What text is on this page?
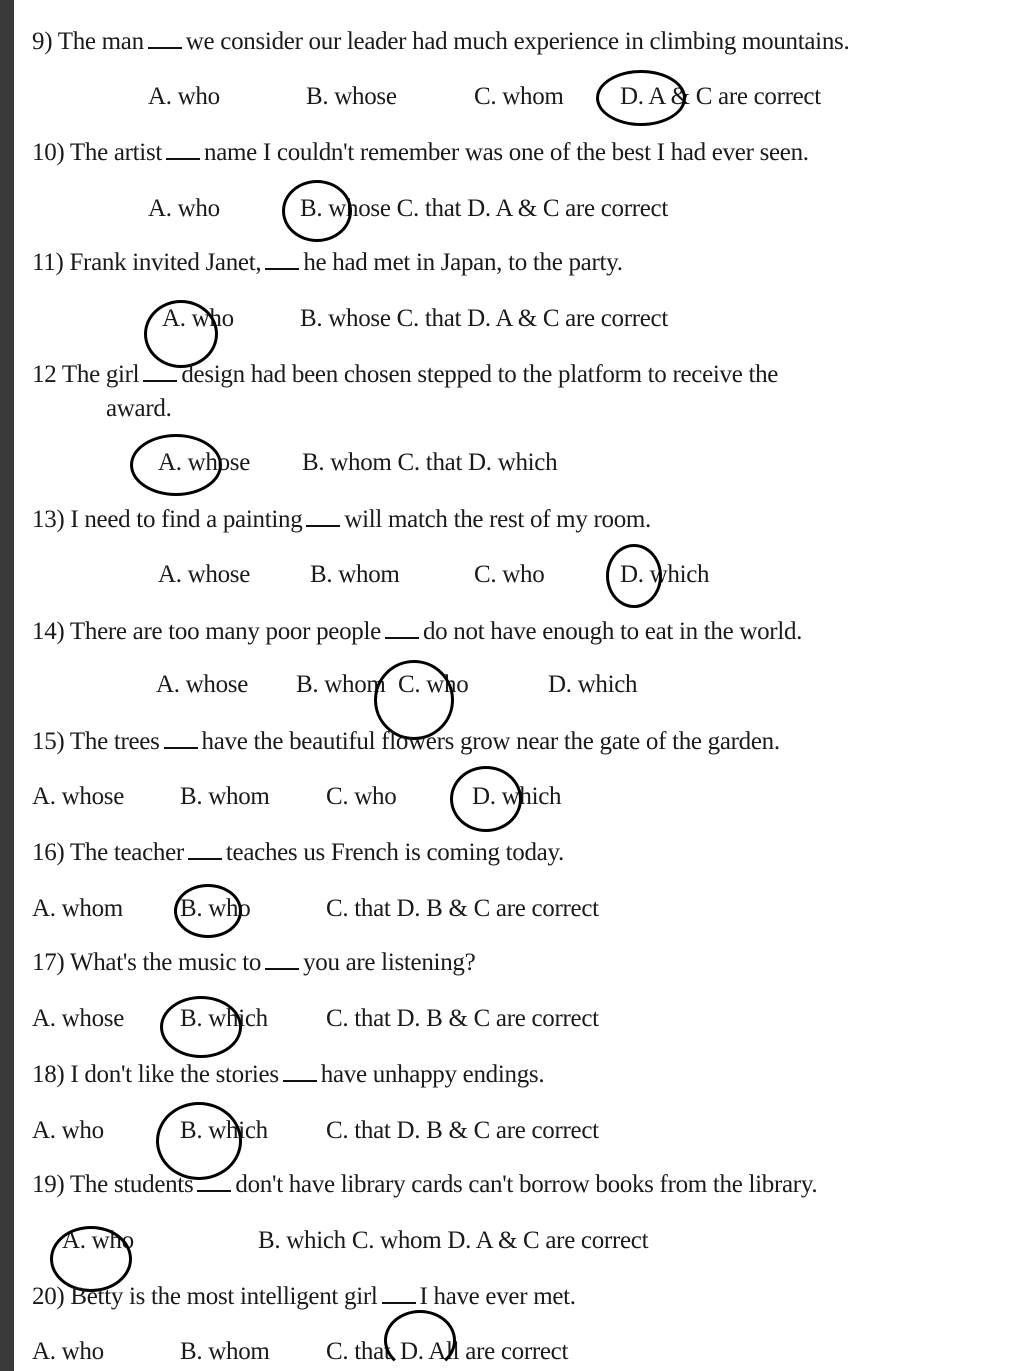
9) The man we consider our leader had much experience in climbing mountains.
A. who	B. whose	C. whom D. A & C are correct
10) The artist name I couldn't remember was one of the best I had ever seen.
A. who	B. whose C. that D. A & C are correct
11) Frank invited Janet, he had met in Japan, to the party.
A. who	B. whose C. that D. A & C are correct
12 The girl design had been chosen stepped to the platform to receive the
award.
A. whose B. whom C. that D. which
13) I need to find a painting will match the rest of my room.
A. whose B. whom	C. who	D. which
14) There are too many poor people do not have enough to eat in the world.
A. whose B. whom C. who	D. which
15) The trees have the beautiful flowers grow near the gate of the garden.
A. whose B. whom C. who	D. which
16) The teacher teaches us French is coming today.
A. whom B. who	C. that D. B & C are correct
17) What's the music to you are listening?
A. whose B. which C. that D. B & C are correct
18) I don't like the stories have unhappy endings.
A. who	B. which C. that D. B & C are correct
19) The students don't have library cards can't borrow books from the library.
A. who	B. which C. whom D. A & C are correct
20) Betty is the most intelligent girl I have ever met.
A. who	B. whom C. that D. All are correct
